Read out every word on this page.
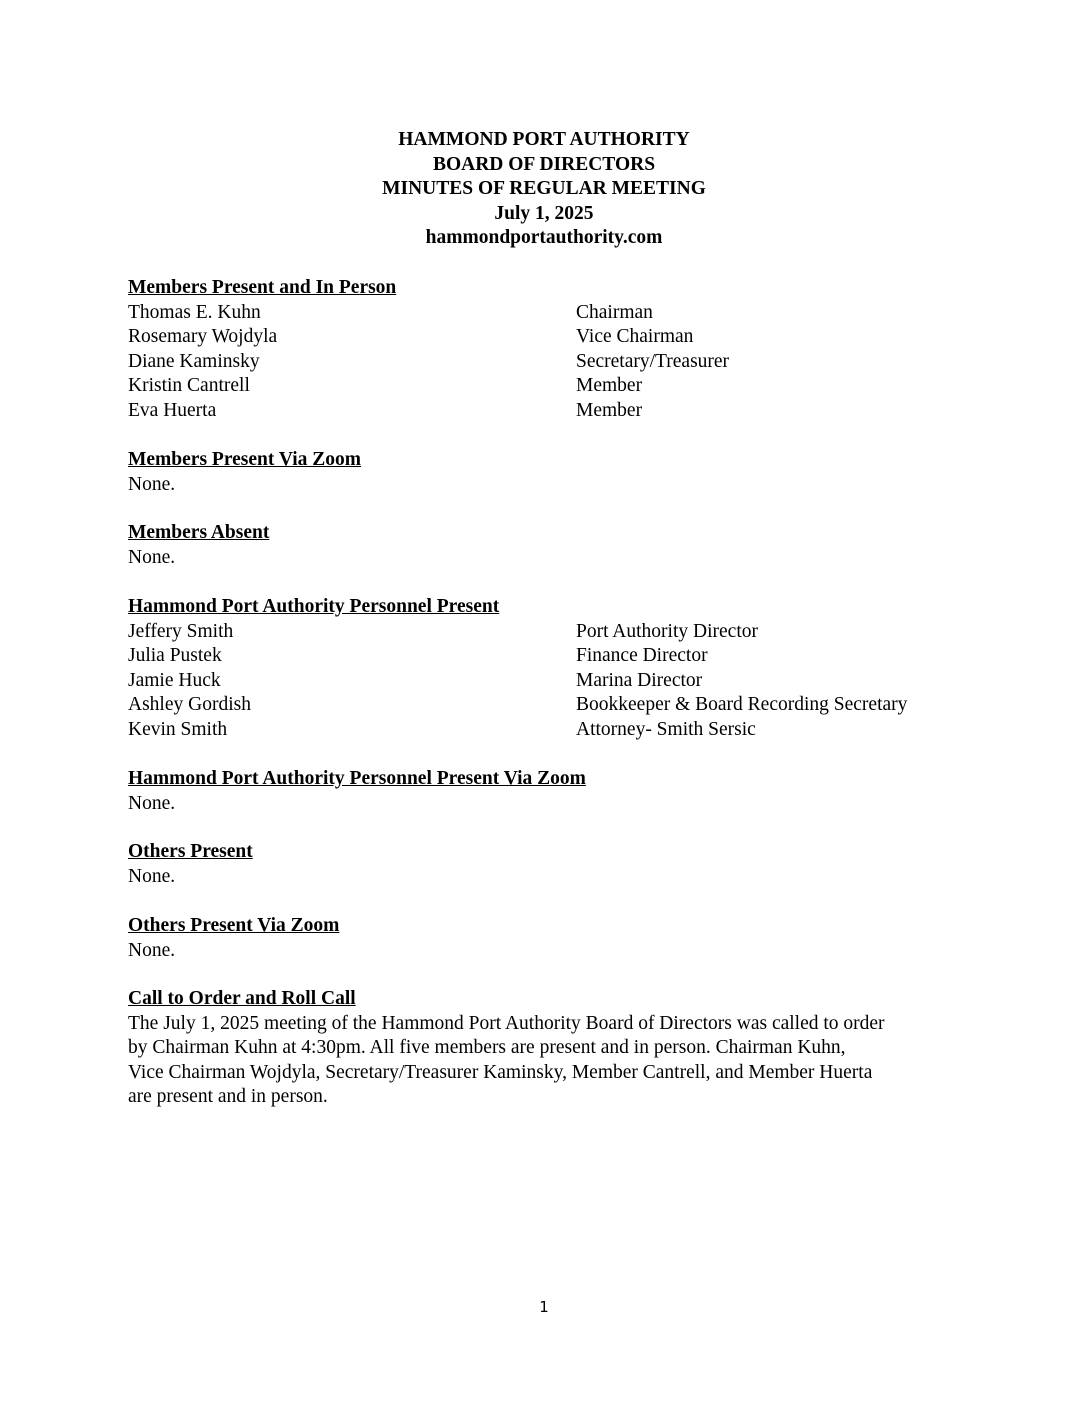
HAMMOND PORT AUTHORITY
BOARD OF DIRECTORS
MINUTES OF REGULAR MEETING
July 1, 2025
hammondportauthority.com
Members Present and In Person
Thomas E. Kuhn	Chairman
Rosemary Wojdyla	Vice Chairman
Diane Kaminsky	Secretary/Treasurer
Kristin Cantrell	Member
Eva Huerta	Member
Members Present Via Zoom
None.
Members Absent
None.
Hammond Port Authority Personnel Present
Jeffery Smith	Port Authority Director
Julia Pustek	Finance Director
Jamie Huck	Marina Director
Ashley Gordish	Bookkeeper & Board Recording Secretary
Kevin Smith	Attorney- Smith Sersic
Hammond Port Authority Personnel Present Via Zoom
None.
Others Present
None.
Others Present Via Zoom
None.
Call to Order and Roll Call
The July 1, 2025 meeting of the Hammond Port Authority Board of Directors was called to order
by Chairman Kuhn at 4:30pm. All five members are present and in person. Chairman Kuhn,
Vice Chairman Wojdyla, Secretary/Treasurer Kaminsky, Member Cantrell, and Member Huerta
are present and in person.
1
